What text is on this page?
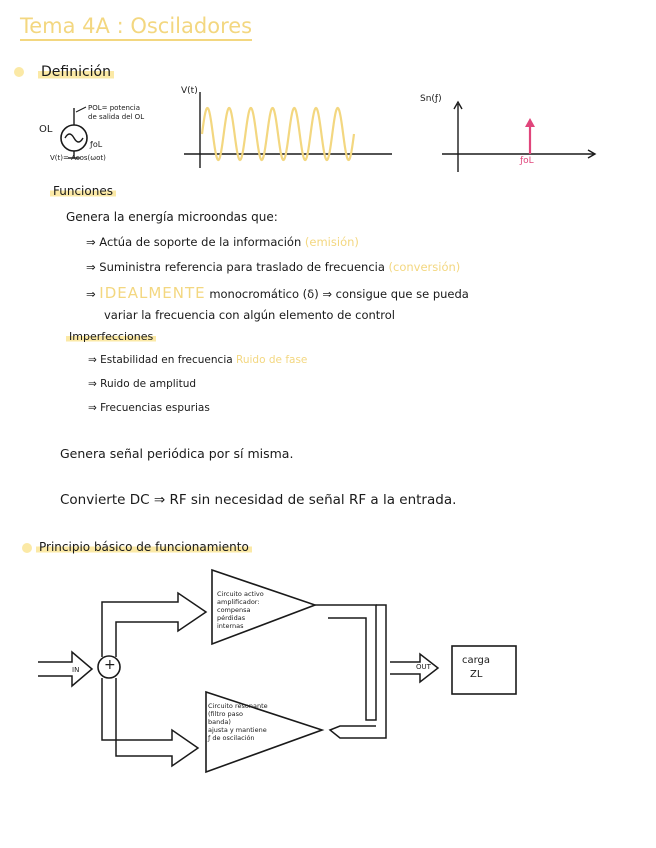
Tema 4A : Osciladores
Definición
OL
POL= potencia de salida del OL
ƒoL
V(t)= Acos(ωot)
V(t)
Sn(ƒ)
ƒoL
Funciones
Genera la energía microondas que:
⇒ Actúa de soporte de la información (emisión)
⇒ Suministra referencia para traslado de frecuencia (conversión)
⇒ IDEALMENTE monocromático (δ) ⇒ consigue que se pueda
variar la frecuencia con algún elemento de control
Imperfecciones
⇒ Estabilidad en frecuencia Ruido de fase
⇒ Ruido de amplitud
⇒ Frecuencias espurias
Genera señal periódica por sí misma.
Convierte DC ⇒ RF sin necesidad de señal RF a la entrada.
Principio básico de funcionamiento
Circuito activo
amplificador:
compensa
pérdidas
internas
Circuito resonante
(filtro paso
banda)
ajusta y mantiene
ƒ de oscilación
IN +	OUT
carga
ZL
